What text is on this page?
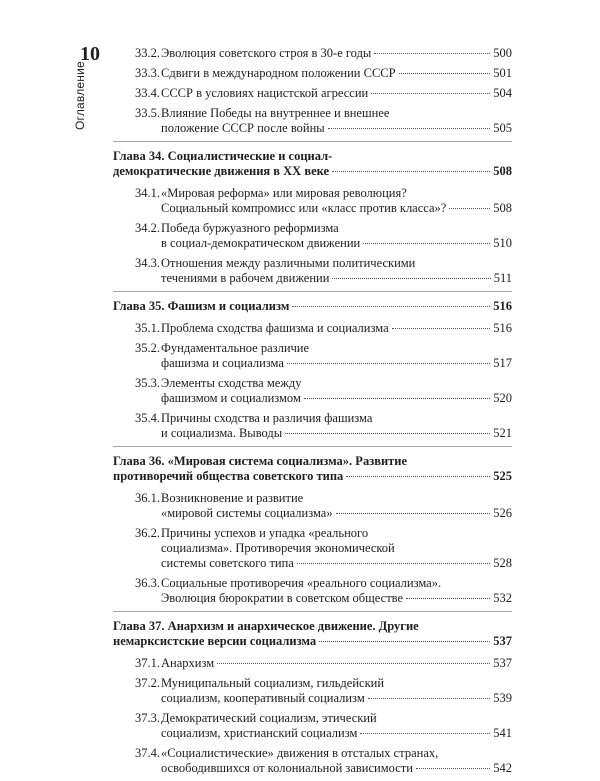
10
Оглавление
33.2. Эволюция советского строя в 30-е годы	500
33.3. Сдвиги в международном положении СССР	501
33.4. СССР в условиях нацистской агрессии	504
33.5. Влияние Победы на внутреннее и внешнее
положение СССР после войны	505
Глава 34. Социалистические и социал-
демократические движения в XX веке	508
34.1. «Мировая реформа» или мировая революция?
Социальный компромисс или «класс против класса»?	508
34.2. Победа буржуазного реформизма
в социал-демократическом движении	510
34.3. Отношения между различными политическими
течениями в рабочем движении	511
Глава 35. Фашизм и социализм	516
35.1. Проблема сходства фашизма и социализма	516
35.2. Фундаментальное различие
фашизма и социализма	517
35.3. Элементы сходства между
фашизмом и социализмом	520
35.4. Причины сходства и различия фашизма
и социализма. Выводы	521
Глава 36. «Мировая система социализма». Развитие
противоречий общества советского типа	525
36.1. Возникновение и развитие
«мировой системы социализма»	526
36.2. Причины успехов и упадка «реального
социализма». Противоречия экономической
системы советского типа	528
36.3. Социальные противоречия «реального социализма».
Эволюция бюрократии в советском обществе	532
Глава 37. Анархизм и анархическое движение. Другие
немарксистские версии социализма	537
37.1. Анархизм	537
37.2. Муниципальный социализм, гильдейский
социализм, кооперативный социализм	539
37.3. Демократический социализм, этический
социализм, христианский социализм	541
37.4. «Социалистические» движения в отсталых странах,
освободившихся от колониальной зависимости	542
